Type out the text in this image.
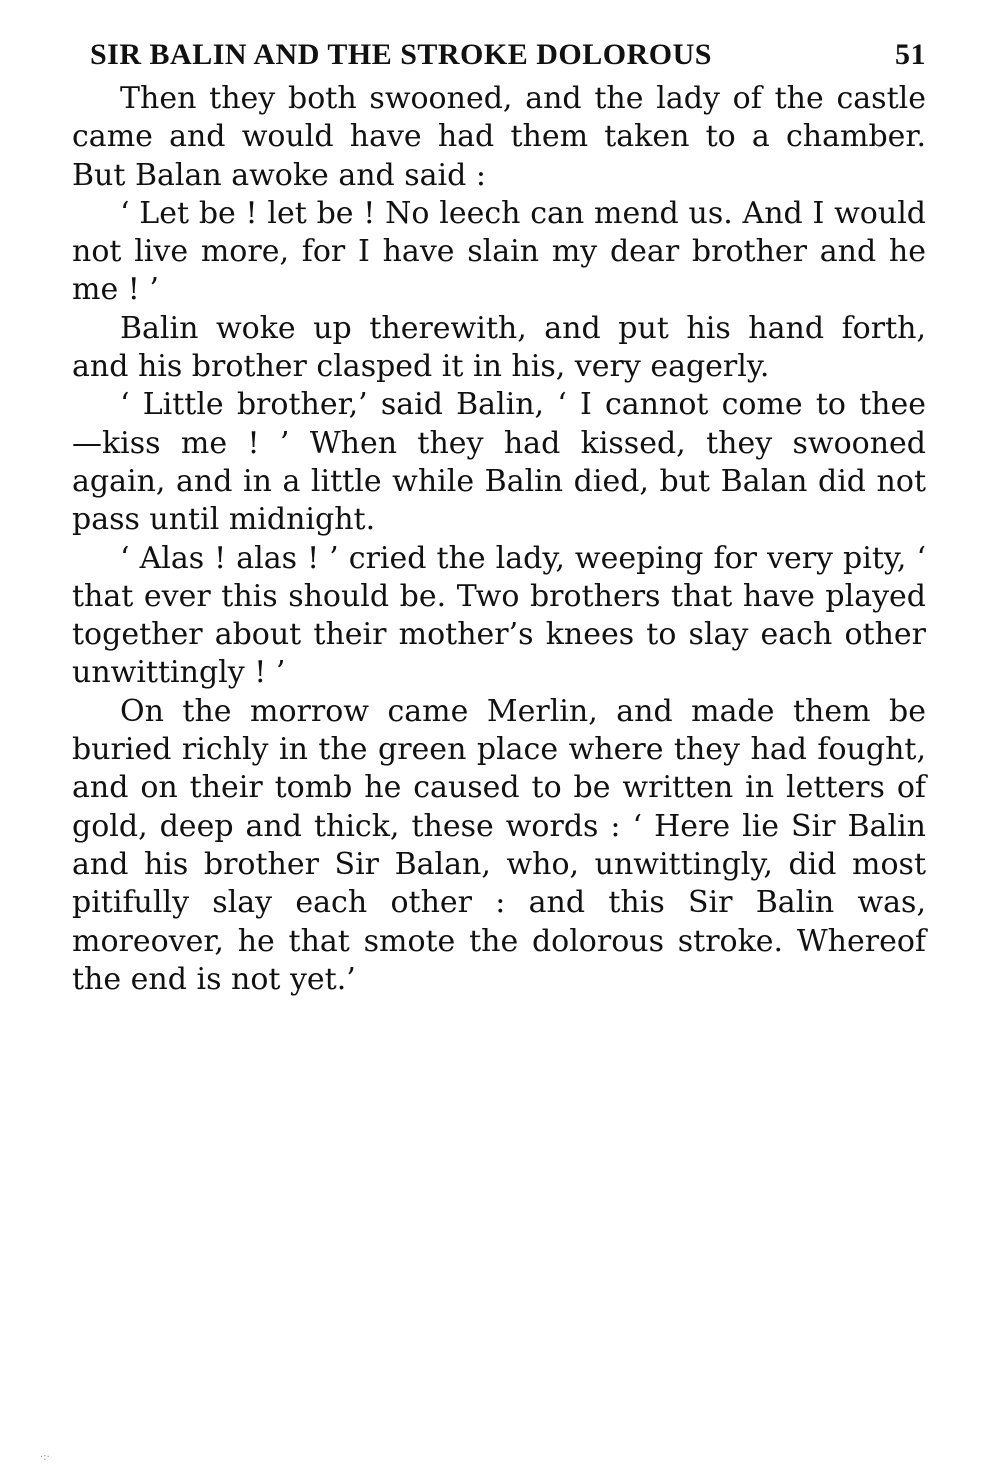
SIR BALIN AND THE STROKE DOLOROUS	51

Then they both swooned, and the lady of the castle came and would have had them taken to a chamber. But Balan awoke and said :

‘ Let be ! let be ! No leech can mend us. And I would not live more, for I have slain my dear brother and he me ! ’

Balin woke up therewith, and put his hand forth, and his brother clasped it in his, very eagerly.

‘ Little brother,’ said Balin, ‘ I cannot come to thee —kiss me ! ’ When they had kissed, they swooned again, and in a little while Balin died, but Balan did not pass until midnight.

‘ Alas ! alas ! ’ cried the lady, weeping for very pity, ‘ that ever this should be. Two brothers that have played together about their mother’s knees to slay each other unwittingly ! ’

On the morrow came Merlin, and made them be buried richly in the green place where they had fought, and on their tomb he caused to be written in letters of gold, deep and thick, these words : ‘ Here lie Sir Balin and his brother Sir Balan, who, unwittingly, did most pitifully slay each other : and this Sir Balin was, moreover, he that smote the dolorous stroke. Whereof the end is not yet.’

·:·
